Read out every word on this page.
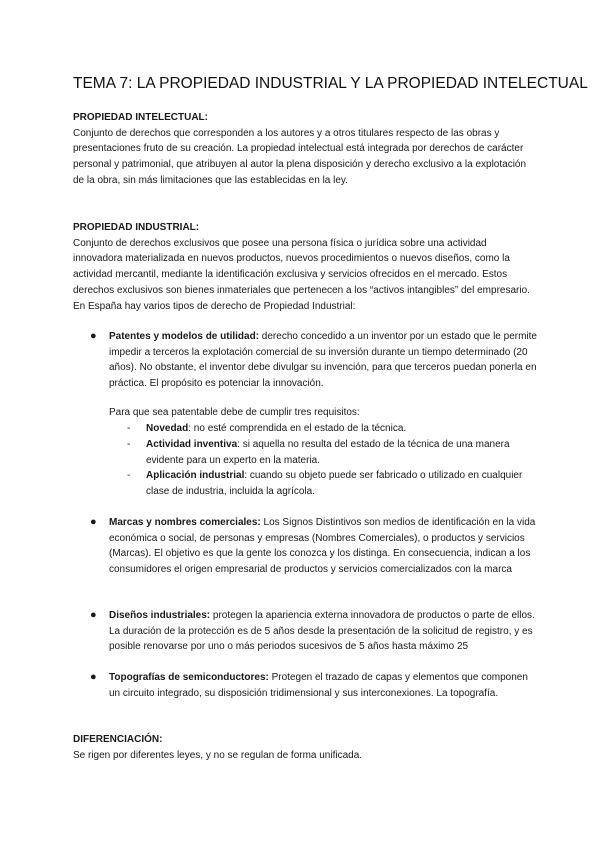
TEMA 7: LA PROPIEDAD INDUSTRIAL Y LA PROPIEDAD INTELECTUAL
PROPIEDAD INTELECTUAL:
Conjunto de derechos que corresponden a los autores y a otros titulares respecto de las obras y presentaciones fruto de su creación. La propiedad intelectual está integrada por derechos de carácter personal y patrimonial, que atribuyen al autor la plena disposición y derecho exclusivo a la explotación de la obra, sin más limitaciones que las establecidas en la ley.
PROPIEDAD INDUSTRIAL:
Conjunto de derechos exclusivos que posee una persona física o jurídica sobre una actividad innovadora materializada en nuevos productos, nuevos procedimientos o nuevos diseños, como la actividad mercantil, mediante la identificación exclusiva y servicios ofrecidos en el mercado. Estos derechos exclusivos son bienes inmateriales que pertenecen a los “activos intangibles” del empresario. En España hay varios tipos de derecho de Propiedad Industrial:
● Patentes y modelos de utilidad: derecho concedido a un inventor por un estado que le permite impedir a terceros la explotación comercial de su inversión durante un tiempo determinado (20 años). No obstante, el inventor debe divulgar su invención, para que terceros puedan ponerla en práctica. El propósito es potenciar la innovación.
Para que sea patentable debe de cumplir tres requisitos:
- Novedad: no esté comprendida en el estado de la técnica.
- Actividad inventiva: si aquella no resulta del estado de la técnica de una manera evidente para un experto en la materia.
- Aplicación industrial: cuando su objeto puede ser fabricado o utilizado en cualquier clase de industria, incluida la agrícola.
● Marcas y nombres comerciales: Los Signos Distintivos son medios de identificación en la vida económica o social, de personas y empresas (Nombres Comerciales), o productos y servicios (Marcas). El objetivo es que la gente los conozca y los distinga. En consecuencia, indican a los consumidores el origen empresarial de productos y servicios comercializados con la marca
● Diseños industriales: protegen la apariencia externa innovadora de productos o parte de ellos. La duración de la protección es de 5 años desde la presentación de la solicitud de registro, y es posible renovarse por uno o más periodos sucesivos de 5 años hasta máximo 25
● Topografías de semiconductores: Protegen el trazado de capas y elementos que componen un circuito integrado, su disposición tridimensional y sus interconexiones. La topografía.
DIFERENCIACIÓN:
Se rigen por diferentes leyes, y no se regulan de forma unificada.
